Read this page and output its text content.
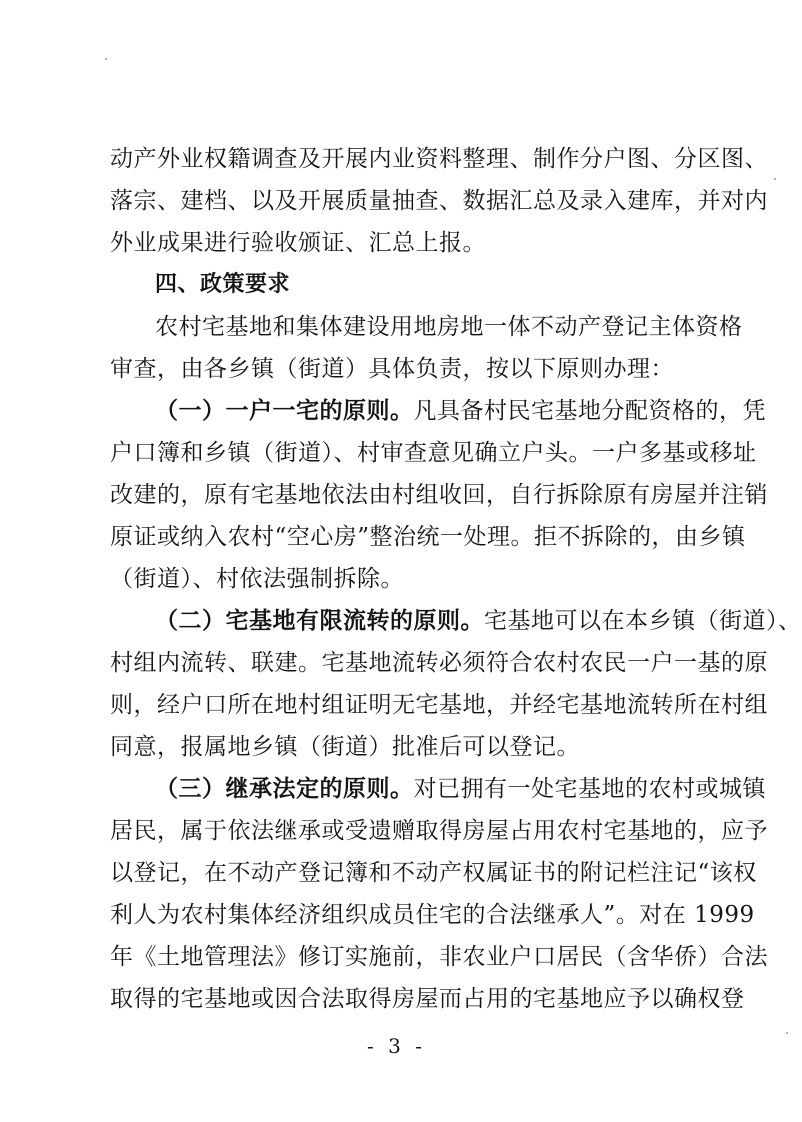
动产外业权籍调查及开展内业资料整理、制作分户图、分区图、
落宗、建档、以及开展质量抽查、数据汇总及录入建库，并对内
外业成果进行验收颁证、汇总上报。
四、政策要求
农村宅基地和集体建设用地房地一体不动产登记主体资格
审查，由各乡镇（街道）具体负责，按以下原则办理：
（一）一户一宅的原则。凡具备村民宅基地分配资格的，凭
户口簿和乡镇（街道）、村审查意见确立户头。一户多基或移址
改建的，原有宅基地依法由村组收回，自行拆除原有房屋并注销
原证或纳入农村“空心房”整治统一处理。拒不拆除的，由乡镇
（街道）、村依法强制拆除。
（二）宅基地有限流转的原则。宅基地可以在本乡镇（街道）、
村组内流转、联建。宅基地流转必须符合农村农民一户一基的原
则，经户口所在地村组证明无宅基地，并经宅基地流转所在村组
同意，报属地乡镇（街道）批准后可以登记。
（三）继承法定的原则。对已拥有一处宅基地的农村或城镇
居民，属于依法继承或受遗赠取得房屋占用农村宅基地的，应予
以登记，在不动产登记簿和不动产权属证书的附记栏注记“该权
利人为农村集体经济组织成员住宅的合法继承人”。对在 1999
年《土地管理法》修订实施前，非农业户口居民（含华侨）合法
取得的宅基地或因合法取得房屋而占用的宅基地应予以确权登
- 3 -
